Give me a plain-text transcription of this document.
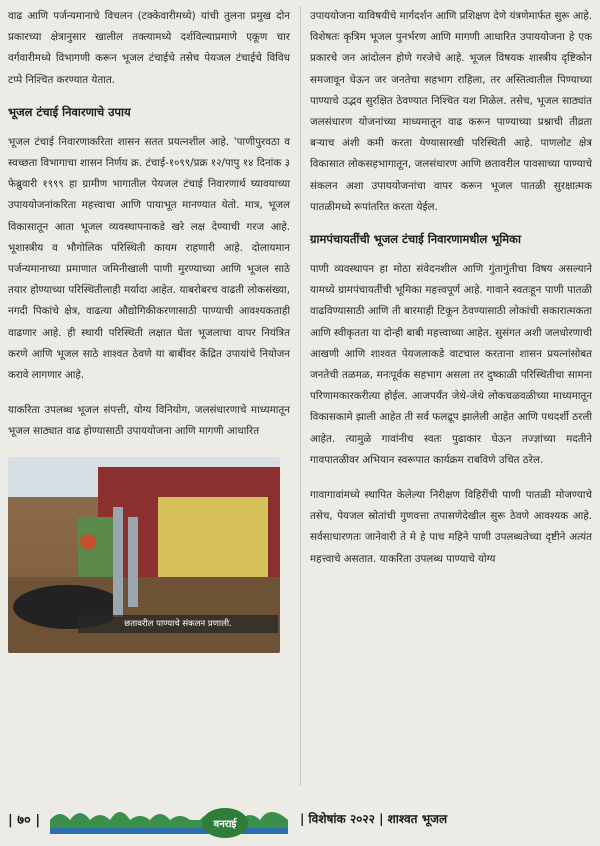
वाढ आणि पर्जन्यमानाचे विचलन (टक्केवारीमध्ये) यांची तुलना प्रमुख दोन प्रकारच्या क्षेत्रानुसार खालील तक्त्यामध्ये दर्शविल्याप्रमाणे एकूण चार वर्गवारीमध्ये विभागणी करून भूजल टंचाईचे तसेच पेयजल टंचाईचे विविध टप्पे निश्चित करण्यात येतात.

भूजल टंचाई निवारणाचे उपाय

भूजल टंचाई निवारणाकरिता शासन सतत प्रयत्नशील आहे. 'पाणीपुरवठा व स्वच्छता विभागाचा शासन निर्णय क्र. टंचाई-१०९९/प्रक्र १२/पापु १४ दिनांक ३ फेब्रुवारी १९९९ हा ग्रामीण भागातील पेयजल टंचाई निवारणार्थ घ्यावयाच्या उपाययोजनांकरिता महत्त्वाचा आणि पायाभूत मानण्यात येतो. मात्र, भूजल विकासातून आता भूजल व्यवस्थापनाकडे खरे लक्ष देण्याची गरज आहे. भूशास्त्रीय व भौगोलिक परिस्थिती कायम राहणारी आहे. दोलायमान पर्जन्यमानाच्या प्रमाणात जमिनीखाली पाणी मुरण्याच्या आणि भूजल साठे तयार होण्याच्या परिस्थितीलाही मर्यादा आहेत. याबरोबरच वाढती लोकसंख्या, नगदी पिकांचे क्षेत्र, वाढत्या औद्योगिकीकरणासाठी पाण्याची आवश्यकताही वाढणार आहे. ही स्थायी परिस्थिती लक्षात घेता भूजलाचा वापर नियंत्रित करणे आणि भूजल साठे शाश्वत ठेवणे या बाबींवर केंद्रित उपायांचे नियोजन करावे लागणार आहे.

याकरिता उपलब्ध भूजल संपत्ती, योग्य विनियोग, जलसंधारणाचे माध्यमातून भूजल साठ्यात वाढ होण्यासाठी उपाययोजना आणि मागणी आधारित

छतावरील पाण्याचे संकलन प्रणाली.

उपाययोजना याविषयीचे मार्गदर्शन आणि प्रशिक्षण देणे यंत्रणेमार्फत सुरू आहे. विशेषतः कृत्रिम भूजल पुनर्भरण आणि मागणी आधारित उपाययोजना हे एक प्रकारचे जन आंदोलन होणे गरजेचे आहे. भूजल विषयक शास्त्रीय दृष्टिकोन समजावून घेऊन जर जनतेचा सहभाग राहिला, तर अस्तित्वातील पिण्याच्या पाण्याचे उद्भव सुरक्षित ठेवण्यात निश्चित यश मिळेल. तसेच, भूजल साठ्यांत जलसंधारण योजनांच्या माध्यमातून वाढ करून पाण्याच्या प्रश्नाची तीव्रता बऱ्याच अंशी कमी करता येण्यासारखी परिस्थिती आहे. पाणलोट क्षेत्र विकासात लोकसहभागातून, जलसंधारण आणि छतावरील पावसाच्या पाण्याचे संकलन अशा उपाययोजनांचा वापर करून भूजल पातळी सुरक्षात्मक पातळीमध्ये रूपांतरित करता येईल.

ग्रामपंचायतींची भूजल टंचाई निवारणामधील भूमिका

पाणी व्यवस्थापन हा मोठा संवेदनशील आणि गुंतागुंतीचा विषय असल्याने यामध्ये ग्रामपंचायतींची भूमिका महत्त्वपूर्ण आहे. गावाने स्वतःहून पाणी पातळी वाढविण्यासाठी आणि ती बारमाही टिकून ठेवण्यासाठी लोकांची सकारात्मकता आणि स्वीकृतता या दोन्ही बाबी महत्त्वाच्या आहेत. सुसंगत अशी जलधोरणाची आखणी आणि शाश्वत पेयजलाकडे वाटचाल करताना शासन प्रयत्नांसोबत जनतेची तळमळ, मनःपूर्वक सहभाग असला तर दुष्काळी परिस्थितीचा सामना परिणामकारकरीत्या होईल. आजपर्यंत जेथे-जेथे लोकचळवळीच्या माध्यमातून विकासकामे झाली आहेत ती सर्व फलद्रूप झालेली आहेत आणि पथदर्शी ठरली आहेत. त्यामुळे गावांनीच स्वतः पुढाकार घेऊन तज्ज्ञांच्या मदतीने गावपातळीवर अभियान स्वरूपात कार्यक्रम राबविणे उचित ठरेल.

गावागावांमध्ये स्थापित केलेल्या निरीक्षण विहिरींची पाणी पातळी मोजण्याचे तसेच, पेयजल स्रोतांची गुणवत्ता तपासणेदेखील सुरू ठेवणे आवश्यक आहे. सर्वसाधारणतः जानेवारी ते मे हे पाच महिने पाणी उपलब्धतेच्या दृष्टीने अत्यंत महत्त्वाचे असतात. याकरिता उपलब्ध पाण्याचे योग्य

| ७० |	वनराई	| विशेषांक २०२२ | शाश्वत भूजल
